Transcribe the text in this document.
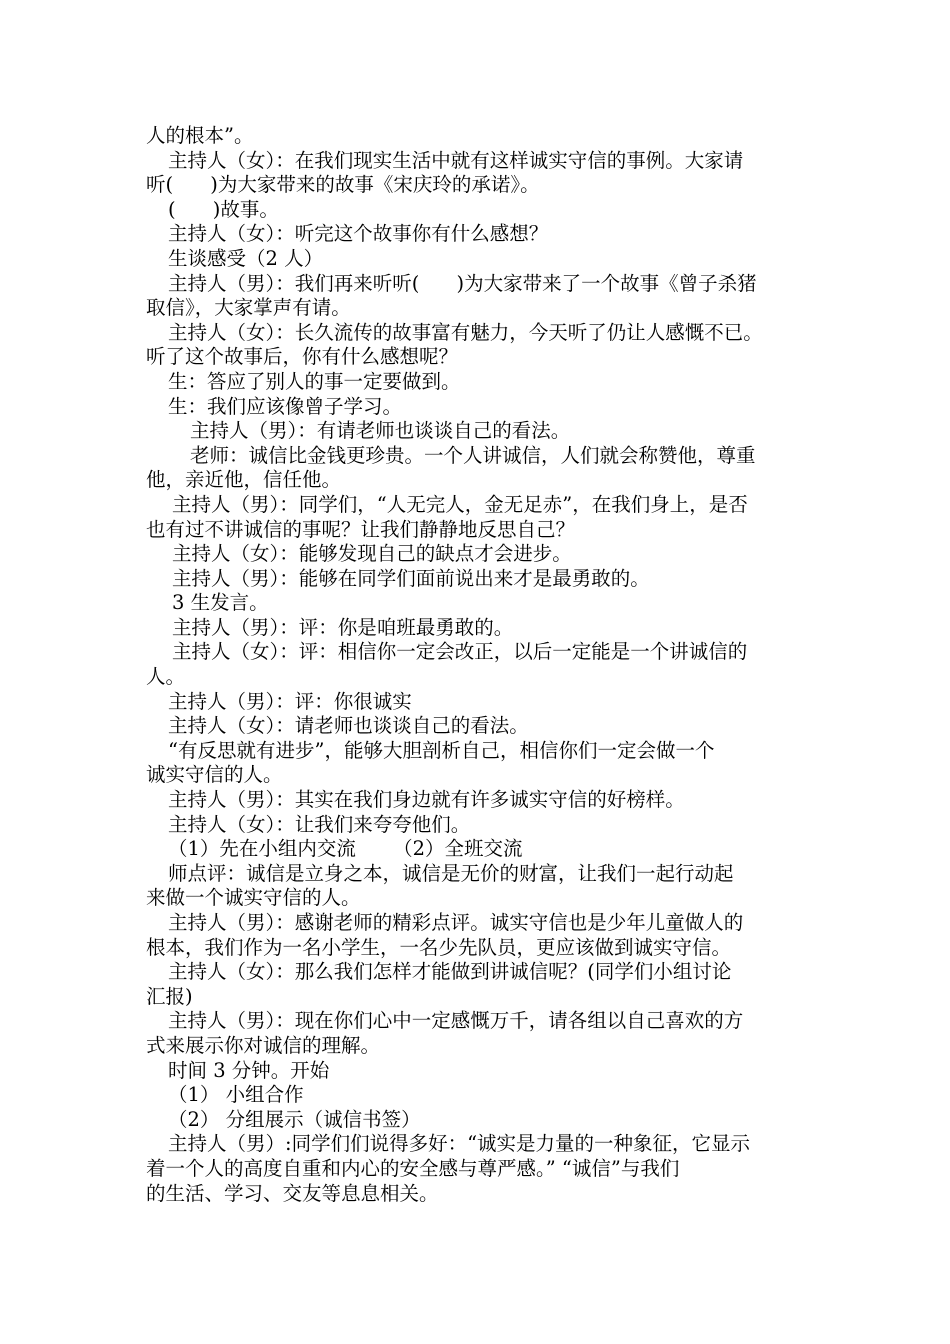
人的根本”。
主持人（女）：在我们现实生活中就有这样诚实守信的事例。大家请
听(      )为大家带来的故事《宋庆玲的承诺》。
(      )故事。
主持人（女）：听完这个故事你有什么感想？
生谈感受（2 人）
主持人（男）：我们再来听听(      )为大家带来了一个故事《曾子杀猪
取信》，大家掌声有请。
主持人（女）：长久流传的故事富有魅力，今天听了仍让人感慨不已。
听了这个故事后，你有什么感想呢？
生：答应了别人的事一定要做到。
生：我们应该像曾子学习。
主持人（男）：有请老师也谈谈自己的看法。
老师：诚信比金钱更珍贵。一个人讲诚信，人们就会称赞他，尊重
他，亲近他，信任他。
主持人（男）：同学们，“人无完人，金无足赤”，在我们身上，是否
也有过不讲诚信的事呢？让我们静静地反思自己？
主持人（女）：能够发现自己的缺点才会进步。
主持人（男）：能够在同学们面前说出来才是最勇敢的。
3 生发言。
主持人（男）：评：你是咱班最勇敢的。
主持人（女）：评：相信你一定会改正，以后一定能是一个讲诚信的
人。
主持人（男）：评：你很诚实
主持人（女）：请老师也谈谈自己的看法。
“有反思就有进步”，能够大胆剖析自己，相信你们一定会做一个
诚实守信的人。
主持人（男）：其实在我们身边就有许多诚实守信的好榜样。
主持人（女）：让我们来夸夸他们。
（1）先在小组内交流      （2）全班交流
师点评：诚信是立身之本，诚信是无价的财富，让我们一起行动起
来做一个诚实守信的人。
主持人（男）：感谢老师的精彩点评。诚实守信也是少年儿童做人的
根本，我们作为一名小学生，一名少先队员，更应该做到诚实守信。
主持人（女）：那么我们怎样才能做到讲诚信呢？(同学们小组讨论
汇报)
主持人（男）：现在你们心中一定感慨万千，请各组以自己喜欢的方
式来展示你对诚信的理解。
时间 3 分钟。开始
（1） 小组合作
（2） 分组展示（诚信书签）
主持人（男）:同学们们说得多好：“诚实是力量的一种象征，它显示
着一个人的高度自重和内心的安全感与尊严感。” “诚信”与我们
的生活、学习、交友等息息相关。
